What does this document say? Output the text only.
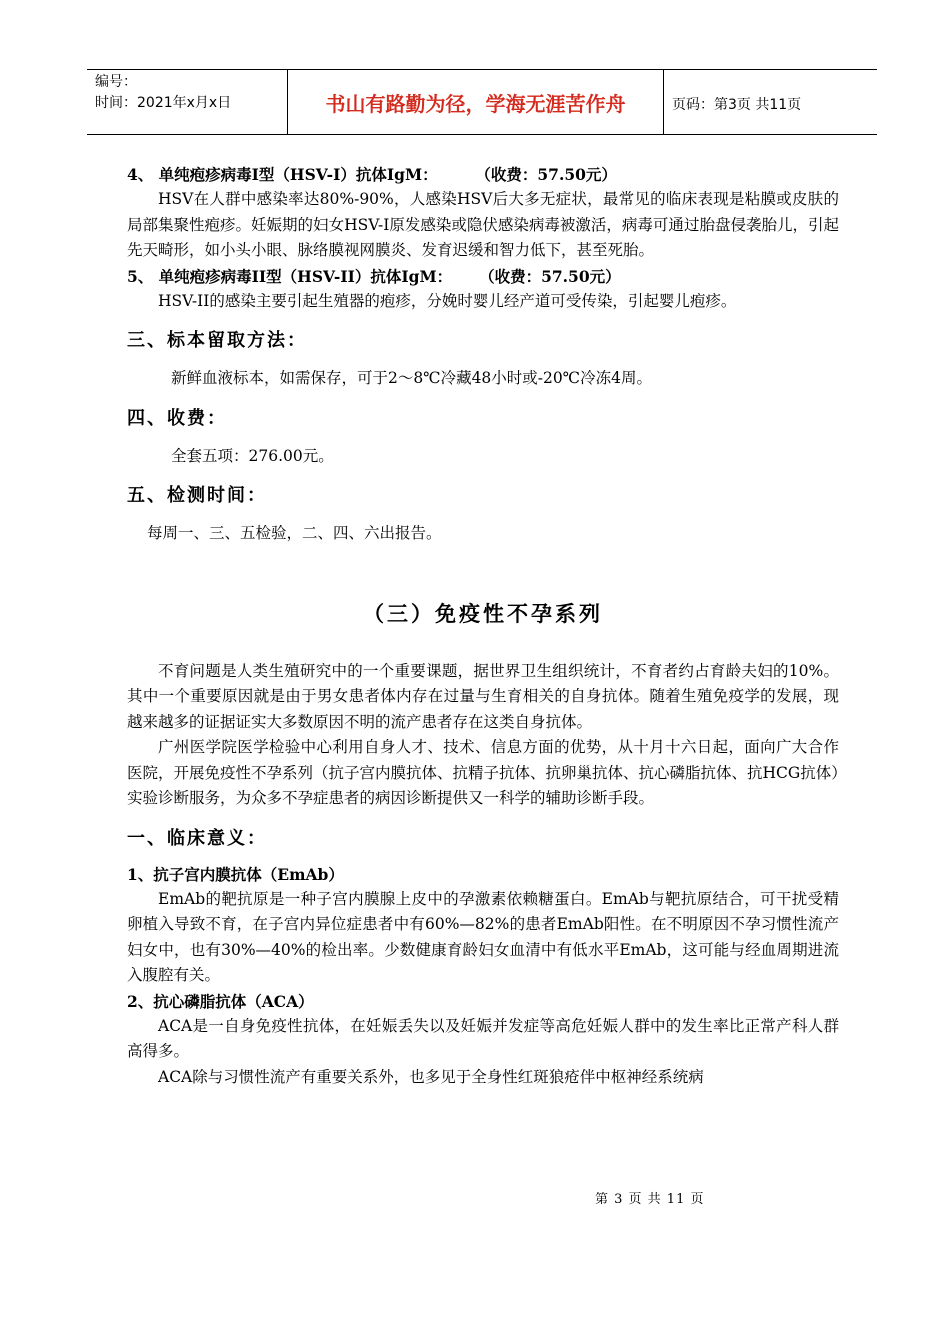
编号：
时间：2021年x月x日	书山有路勤为径，学海无涯苦作舟	页码：第3页 共11页

4、 单纯疱疹病毒Ⅰ型（HSV-I）抗体IgM：       （收费：57.50元）

HSV在人群中感染率达80%-90%，人感染HSV后大多无症状，最常见的临床表现是粘膜或皮肤的局部集聚性疱疹。妊娠期的妇女HSV-I原发感染或隐伏感染病毒被激活，病毒可通过胎盘侵袭胎儿，引起先天畸形，如小头小眼、脉络膜视网膜炎、发育迟缓和智力低下，甚至死胎。

5、 单纯疱疹病毒II型（HSV-II）抗体IgM：     （收费：57.50元）

HSV-II的感染主要引起生殖器的疱疹，分娩时婴儿经产道可受传染，引起婴儿疱疹。

三、标本留取方法：

新鲜血液标本，如需保存，可于2～8℃冷藏48小时或-20℃冷冻4周。

四、收费：

全套五项：276.00元。

五、检测时间：

每周一、三、五检验，二、四、六出报告。

（三）免疫性不孕系列

不育问题是人类生殖研究中的一个重要课题，据世界卫生组织统计，不育者约占育龄夫妇的10%。其中一个重要原因就是由于男女患者体内存在过量与生育相关的自身抗体。随着生殖免疫学的发展，现越来越多的证据证实大多数原因不明的流产患者存在这类自身抗体。

广州医学院医学检验中心利用自身人才、技术、信息方面的优势，从十月十六日起，面向广大合作医院，开展免疫性不孕系列（抗子宫内膜抗体、抗精子抗体、抗卵巢抗体、抗心磷脂抗体、抗HCG抗体）实验诊断服务，为众多不孕症患者的病因诊断提供又一科学的辅助诊断手段。

一、临床意义：

1、抗子宫内膜抗体（EmAb）

EmAb的靶抗原是一种子宫内膜腺上皮中的孕激素依赖糖蛋白。EmAb与靶抗原结合，可干扰受精卵植入导致不育，在子宫内异位症患者中有60%—82%的患者EmAb阳性。在不明原因不孕习惯性流产妇女中，也有30%—40%的检出率。少数健康育龄妇女血清中有低水平EmAb，这可能与经血周期进流入腹腔有关。

2、抗心磷脂抗体（ACA）

ACA是一自身免疫性抗体，在妊娠丢失以及妊娠并发症等高危妊娠人群中的发生率比正常产科人群高得多。

ACA除与习惯性流产有重要关系外，也多见于全身性红斑狼疮伴中枢神经系统病

第 3 页 共 11 页
